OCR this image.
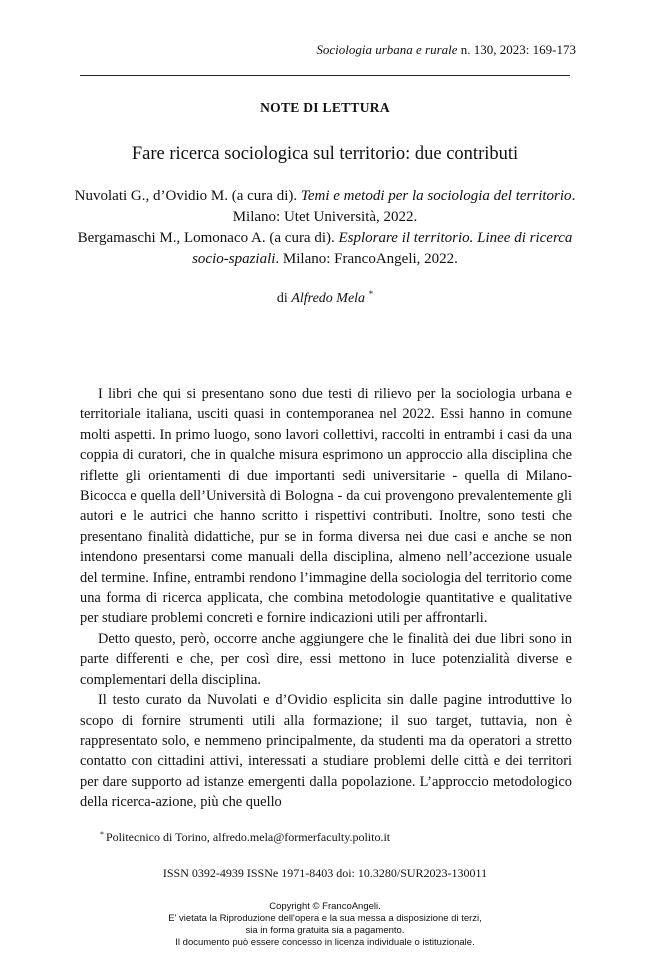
Sociologia urbana e rurale n. 130, 2023: 169-173
NOTE DI LETTURA
Fare ricerca sociologica sul territorio: due contributi

Nuvolati G., d’Ovidio M. (a cura di). Temi e metodi per la sociologia del territorio. Milano: Utet Università, 2022.

Bergamaschi M., Lomonaco A. (a cura di). Esplorare il territorio. Linee di ricerca socio-spaziali. Milano: FrancoAngeli, 2022.

di Alfredo Mela *

I libri che qui si presentano sono due testi di rilievo per la sociologia urbana e territoriale italiana, usciti quasi in contemporanea nel 2022. Essi hanno in comune molti aspetti. In primo luogo, sono lavori collettivi, raccolti in entrambi i casi da una coppia di curatori, che in qualche misura esprimono un approccio alla disciplina che riflette gli orientamenti di due importanti sedi universitarie - quella di Milano-Bicocca e quella dell’Università di Bologna - da cui provengono prevalentemente gli autori e le autrici che hanno scritto i rispettivi contributi. Inoltre, sono testi che presentano finalità didattiche, pur se in forma diversa nei due casi e anche se non intendono presentarsi come manuali della disciplina, almeno nell’accezione usuale del termine. Infine, entrambi rendono l’immagine della sociologia del territorio come una forma di ricerca applicata, che combina metodologie quantitative e qualitative per studiare problemi concreti e fornire indicazioni utili per affrontarli.

Detto questo, però, occorre anche aggiungere che le finalità dei due libri sono in parte differenti e che, per così dire, essi mettono in luce potenzialità diverse e complementari della disciplina.

Il testo curato da Nuvolati e d’Ovidio esplicita sin dalle pagine introduttive lo scopo di fornire strumenti utili alla formazione; il suo target, tuttavia, non è rappresentato solo, e nemmeno principalmente, da studenti ma da operatori a stretto contatto con cittadini attivi, interessati a studiare problemi delle città e dei territori per dare supporto ad istanze emergenti dalla popolazione. L’approccio metodologico della ricerca-azione, più che quello

* Politecnico di Torino, alfredo.mela@formerfaculty.polito.it
ISSN 0392-4939 ISSNe 1971-8403 doi: 10.3280/SUR2023-130011
Copyright © FrancoAngeli.
E' vietata la Riproduzione dell'opera e la sua messa a disposizione di terzi,
sia in forma gratuita sia a pagamento.
Il documento può essere concesso in licenza individuale o istituzionale.
